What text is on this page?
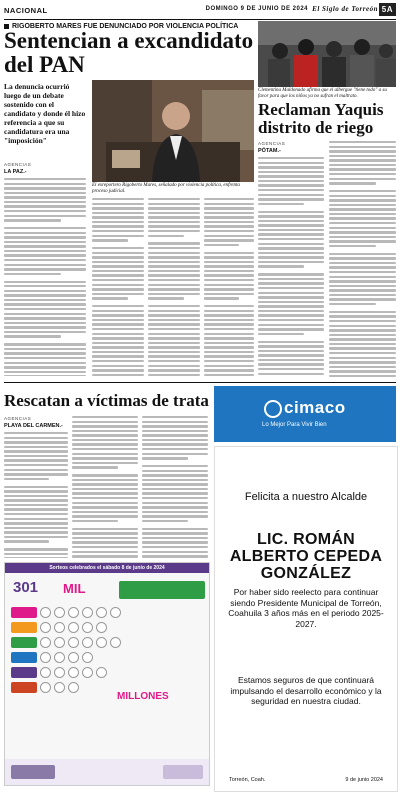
NACIONAL	DOMINGO 9 DE JUNIO DE 2024 El Siglo de Torreón 5A
RIGOBERTO MARES FUE DENUNCIADO POR VIOLENCIA POLÍTICA
Sentencian a excandidato del PAN

La denuncia ocurrió luego de un debate sostenido con el candidato y donde él hizo referencia a que su candidatura era una "imposición"

El exreportero Rigoberto Mares, señalado por violencia política, enfrenta proceso judicial.

AGENCIAS
LA PAZ.-

Clementina Maldonado afirma que el albergue "tiene todo" a su favor para que los niños ya no sufran el maltrato.

Reclaman Yaquis distrito de riego
AGENCIAS
PÓTAM.-
Rescatan a víctimas de trata
AGENCIAS
PLAYA DEL CARMEN.-
Sorteos celebrados el sábado 8 de junio de 2024
301 MIL
MILLONES
cimaco
Lo Mejor Para Vivir Bien
Felicita a nuestro Alcalde
LIC. ROMÁN ALBERTO CEPEDA GONZÁLEZ
Por haber sido reelecto para continuar siendo Presidente Municipal de Torreón, Coahuila 3 años más en el periodo 2025-2027.
Estamos seguros de que continuará impulsando el desarrollo económico y la seguridad en nuestra ciudad.
Torreón, Coah.	9 de junio 2024
